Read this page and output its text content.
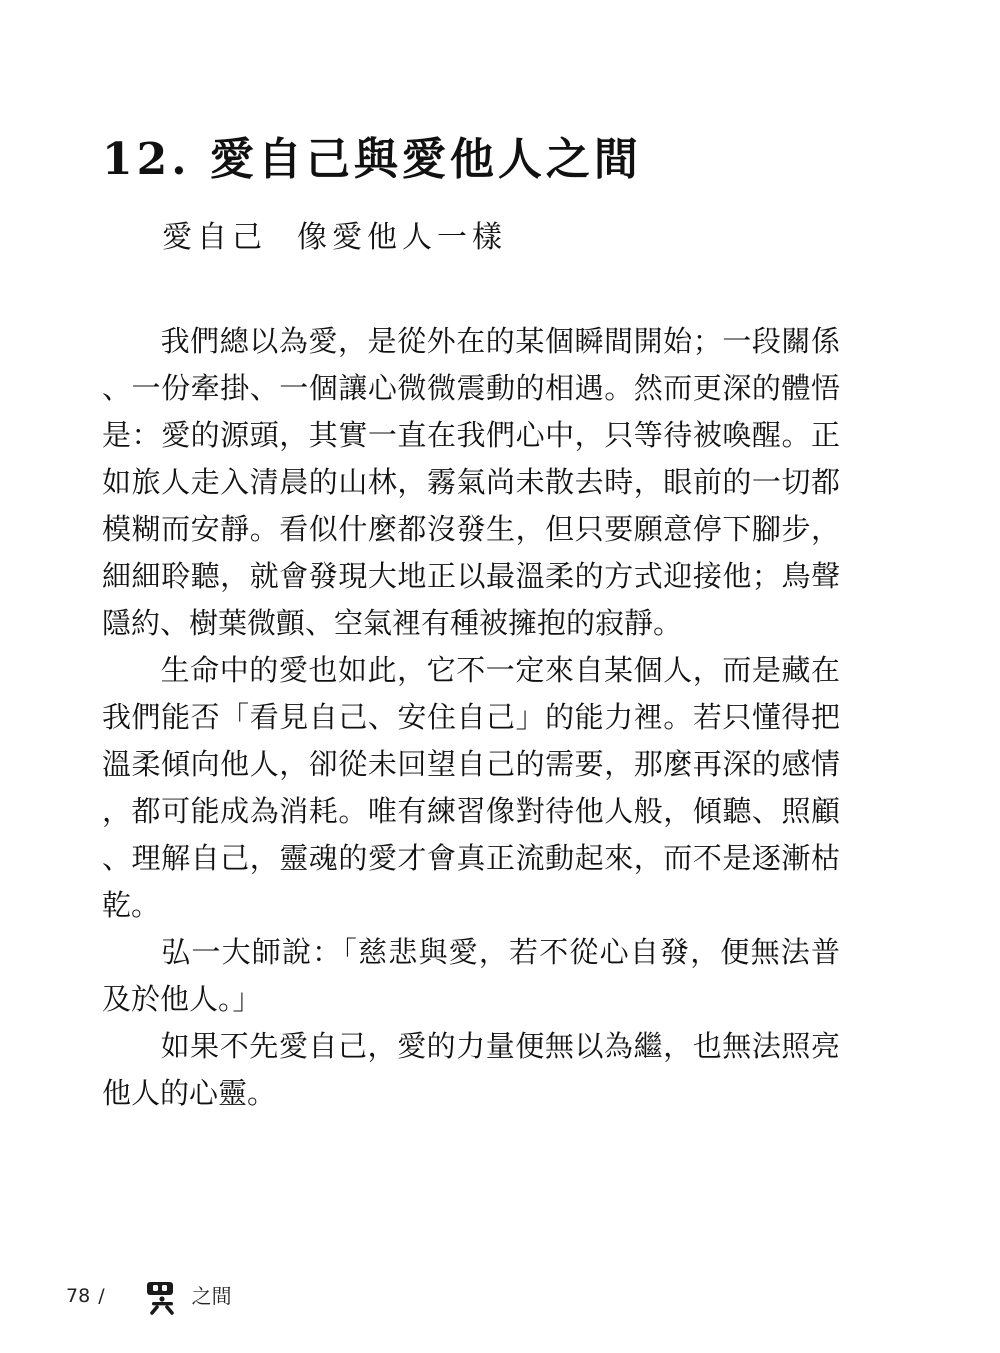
12. 愛自己與愛他人之間
愛自己 像愛他人一樣

我們總以為愛，是從外在的某個瞬間開始；一段關係、一份牽掛、一個讓心微微震動的相遇。然而更深的體悟是：愛的源頭，其實一直在我們心中，只等待被喚醒。正如旅人走入清晨的山林，霧氣尚未散去時，眼前的一切都模糊而安靜。看似什麼都沒發生，但只要願意停下腳步，細細聆聽，就會發現大地正以最溫柔的方式迎接他；鳥聲隱約、樹葉微顫、空氣裡有種被擁抱的寂靜。

生命中的愛也如此，它不一定來自某個人，而是藏在我們能否「看見自己、安住自己」的能力裡。若只懂得把溫柔傾向他人，卻從未回望自己的需要，那麼再深的感情，都可能成為消耗。唯有練習像對待他人般，傾聽、照顧、理解自己，靈魂的愛才會真正流動起來，而不是逐漸枯乾。

弘一大師說：「慈悲與愛，若不從心自發，便無法普及於他人。」

如果不先愛自己，愛的力量便無以為繼，也無法照亮他人的心靈。

78 /	之間
